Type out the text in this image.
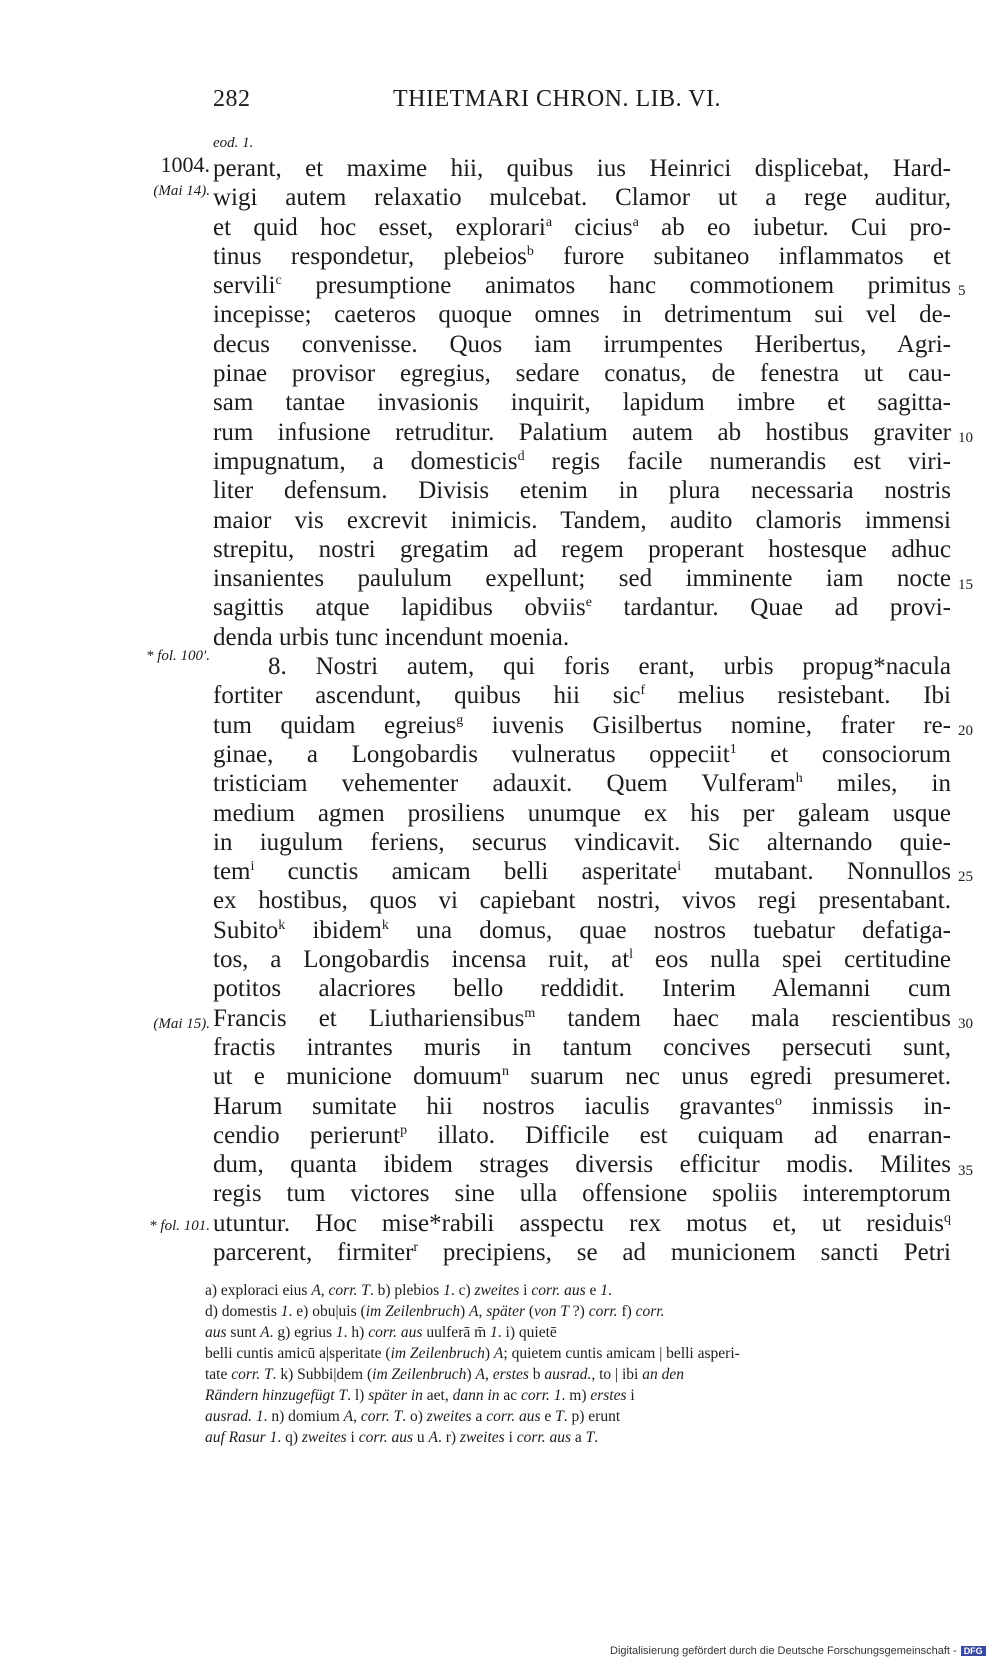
282	THIETMARI CHRON. LIB. VI.
eod. 1.
1004.
(Mai 14).
* fol. 100'.
(Mai 15).
* fol. 101.
5
10
15
20
25
30
35
perant, et maxime hii, quibus ius Heinrici displicebat, Hard-
wigi autem relaxatio mulcebat. Clamor ut a rege auditur,
et quid hoc esset, explorari$^a$ cicius$^a$ ab eo iubetur. Cui pro-
tinus respondetur, plebeios$^b$ furore subitaneo inflammatos et
servili$^c$ presumptione animatos hanc commotionem primitus
incepisse; caeteros quoque omnes in detrimentum sui vel de-
decus convenisse. Quos iam irrumpentes Heribertus, Agri-
pinae provisor egregius, sedare conatus, de fenestra ut cau-
sam tantae invasionis inquirit, lapidum imbre et sagitta-
rum infusione retruditur. Palatium autem ab hostibus graviter
impugnatum, a domesticis$^d$ regis facile numerandis est viri-
liter defensum. Divisis etenim in plura necessaria nostris
maior vis excrevit inimicis. Tandem, audito clamoris immensi
strepitu, nostri gregatim ad regem properant hostesque adhuc
insanientes paululum expellunt; sed imminente iam nocte
sagittis atque lapidibus obviis$^e$ tardantur. Quae ad provi-
denda urbis tunc incendunt moenia.
8. Nostri autem, qui foris erant, urbis propug*nacula
fortiter ascendunt, quibus hii sic$^f$ melius resistebant. Ibi
tum quidam egreius$^g$ iuvenis Gisilbertus nomine, frater re-
ginae, a Longobardis vulneratus oppeciit$^1$ et consociorum
tristiciam vehementer adauxit. Quem Vulferam$^h$ miles, in
medium agmen prosiliens unumque ex his per galeam usque
in iugulum feriens, securus vindicavit. Sic alternando quie-
tem$^i$ cunctis amicam belli asperitate$^i$ mutabant. Nonnullos
ex hostibus, quos vi capiebant nostri, vivos regi presentabant.
Subito$^k$ ibidem$^k$ una domus, quae nostros tuebatur defatiga-
tos, a Longobardis incensa ruit, $at^l$ eos nulla spei certitudine
potitos alacriores bello reddidit. Interim Alemanni cum
Francis et Liuthariensibus$^m$ tandem haec mala rescientibus
fractis intrantes muris in tantum concives persecuti sunt,
ut e municione domuum$^n$ suarum nec unus egredi presumeret.
Harum sumitate hii nostros iaculis gravantes$^o$ inmissis in-
cendio perierunt$^p$ illato. Difficile est cuiquam ad enarran-
dum, quanta ibidem strages diversis efficitur modis. Milites
regis tum victores sine ulla offensione spoliis interemptorum
utuntur. Hoc mise*rabili asspectu rex motus et, ut residuis$^q$
parcerent, firmiter$^r$ precipiens, se ad municionem sancti Petri
a) exploraci eius A, corr. T. b) plebios 1. c) zweites i corr. aus e 1.
d) domestis 1. e) obu|uis (im Zeilenbruch) A, später (von T ?) corr. f) corr.
aus sunt A. g) egrius 1. h) corr. aus uulferā m̄ 1. i) quietē
belli cuntis amicū a|speritate (im Zeilenbruch) A; quietem cuntis amicam | belli asperi-
tate corr. T. k) Subbi|dem (im Zeilenbruch) A, erstes b ausrad., to | ibi an den
Rändern hinzugefügt T. l) später in aet, dann in ac corr. 1. m) erstes i
ausrad. 1. n) domium A, corr. T. o) zweites a corr. aus e T. p) erunt
auf Rasur 1. q) zweites i corr. aus u A. r) zweites i corr. aus a T.
Digitalisierung gefördert durch die Deutsche Forschungsgemeinschaft - DFG
